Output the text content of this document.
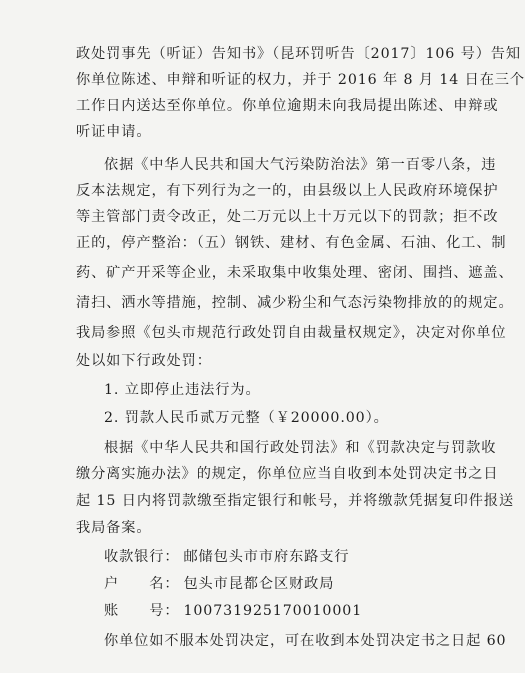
政处罚事先（听证）告知书》（昆环罚听告〔2017〕106 号）告知
你单位陈述、申辩和听证的权力，并于 2016 年 8 月 14 日在三个
工作日内送达至你单位。你单位逾期未向我局提出陈述、申辩或
听证申请。
依据《中华人民共和国大气污染防治法》第一百零八条，违
反本法规定，有下列行为之一的，由县级以上人民政府环境保护
等主管部门责令改正，处二万元以上十万元以下的罚款；拒不改
正的，停产整治：（五）钢铁、建材、有色金属、石油、化工、制
药、矿产开采等企业，未采取集中收集处理、密闭、围挡、遮盖、
清扫、洒水等措施，控制、减少粉尘和气态污染物排放的的规定。
我局参照《包头市规范行政处罚自由裁量权规定》，决定对你单位
处以如下行政处罚：
1. 立即停止违法行为。
2. 罚款人民币贰万元整（￥20000.00）。
根据《中华人民共和国行政处罚法》和《罚款决定与罚款收
缴分离实施办法》的规定，你单位应当自收到本处罚决定书之日
起 15 日内将罚款缴至指定银行和帐号，并将缴款凭据复印件报送
我局备案。
收款银行： 邮储包头市市府东路支行
户　　名： 包头市昆都仑区财政局
账　　号： 100731925170010001
你单位如不服本处罚决定，可在收到本处罚决定书之日起 60
